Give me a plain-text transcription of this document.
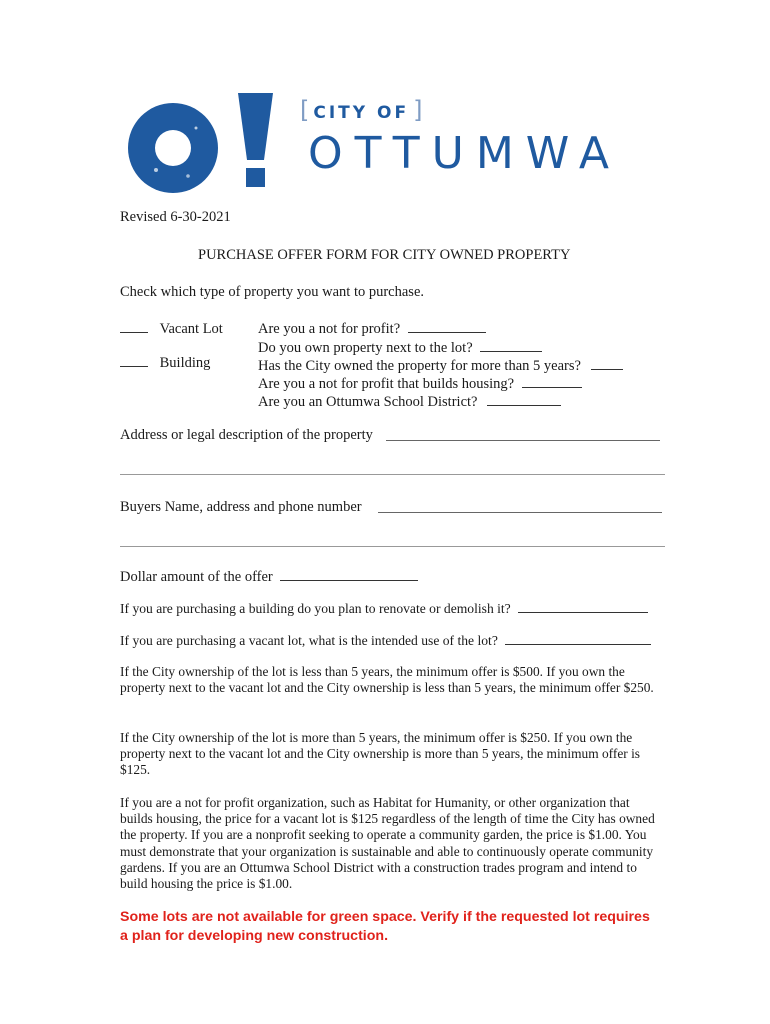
[ CITY OF ]
OTTUMWA
Revised 6-30-2021
PURCHASE OFFER FORM FOR CITY OWNED PROPERTY
Check which type of property you want to purchase.
Vacant Lot
Building
Are you a not for profit?
Do you own property next to the lot?
Has the City owned the property for more than 5 years?
Are you a not for profit that builds housing?
Are you an Ottumwa School District?
Address or legal description of the property
Buyers Name, address and phone number
Dollar amount of the offer
If you are purchasing a building do you plan to renovate or demolish it?
If you are purchasing a vacant lot, what is the intended use of the lot?
If the City ownership of the lot is less than 5 years, the minimum offer is $500. If you own the property next to the vacant lot and the City ownership is less than 5 years, the minimum offer $250.
If the City ownership of the lot is more than 5 years, the minimum offer is $250. If you own the property next to the vacant lot and the City ownership is more than 5 years, the minimum offer is $125.
If you are a not for profit organization, such as Habitat for Humanity, or other organization that builds housing, the price for a vacant lot is $125 regardless of the length of time the City has owned the property. If you are a nonprofit seeking to operate a community garden, the price is $1.00. You must demonstrate that your organization is sustainable and able to continuously operate community gardens. If you are an Ottumwa School District with a construction trades program and intend to build housing the price is $1.00.
Some lots are not available for green space. Verify if the requested lot requires a plan for developing new construction.
